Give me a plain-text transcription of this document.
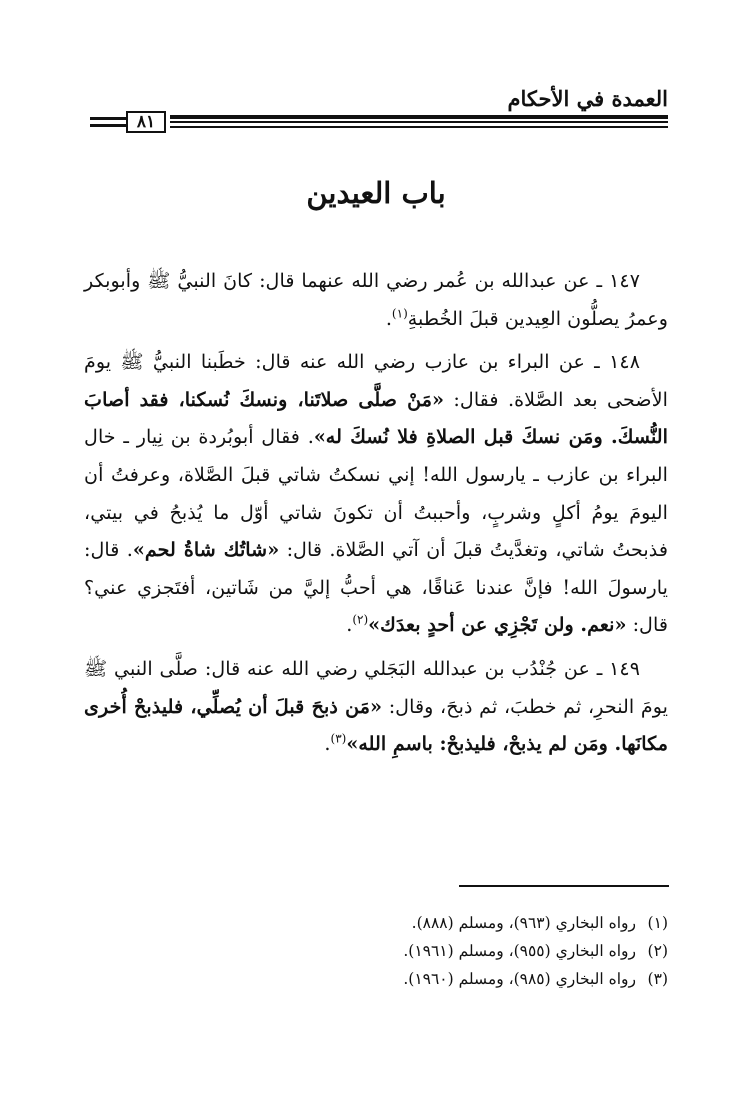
العمدة في الأحكام
٨١
باب العيدين

١٤٧ ـ عن عبدالله بن عُمر رضي الله عنهما قال: كانَ النبيُّ ﷺ وأبوبكر وعمرُ يصلُّون العِيدين قبلَ الخُطبةِ$^{(١)}$.

١٤٨ ـ عن البراء بن عازب رضي الله عنه قال: خطَبنا النبيُّ ﷺ يومَ الأضحى بعد الصَّلاة. فقال: «مَنْ صلَّى صلاتَنا، ونسكَ نُسكنا، فقد أصابَ النُّسكَ. ومَن نسكَ قبل الصلاةِ فلا نُسكَ له». فقال أبوبُردة بن نِيار ـ خال البراء بن عازب ـ يارسول الله! إني نسكتُ شاتي قبلَ الصَّلاة، وعرفتُ أن اليومَ يومُ أكلٍ وشربٍ، وأحببتُ أن تكونَ شاتي أوّل ما يُذبحُ في بيتي، فذبحتُ شاتي، وتغدَّيتُ قبلَ أن آتي الصَّلاة. قال: «شاتُك شاةُ لحم». قال: يارسولَ الله! فإنَّ عندنا عَناقًا، هي أحبُّ إليَّ من شَاتين، أفتَجزي عني؟ قال: «نعم. ولن تَجْزِي عن أحدٍ بعدَك»$^{(٢)}$.

١٤٩ ـ عن جُنْدُب بن عبدالله البَجَلي رضي الله عنه قال: صلَّى النبي ﷺ يومَ النحرِ، ثم خطبَ، ثم ذبحَ، وقال: «مَن ذبحَ قبلَ أن يُصلِّي، فليذبحْ أُخرى مكانَها. ومَن لم يذبحْ، فليذبحْ: باسمِ الله»$^{(٣)}$.

(١)رواه البخاري (٩٦٣)، ومسلم (٨٨٨).
(٢)رواه البخاري (٩٥٥)، ومسلم (١٩٦١).
(٣)رواه البخاري (٩٨٥)، ومسلم (١٩٦٠).
